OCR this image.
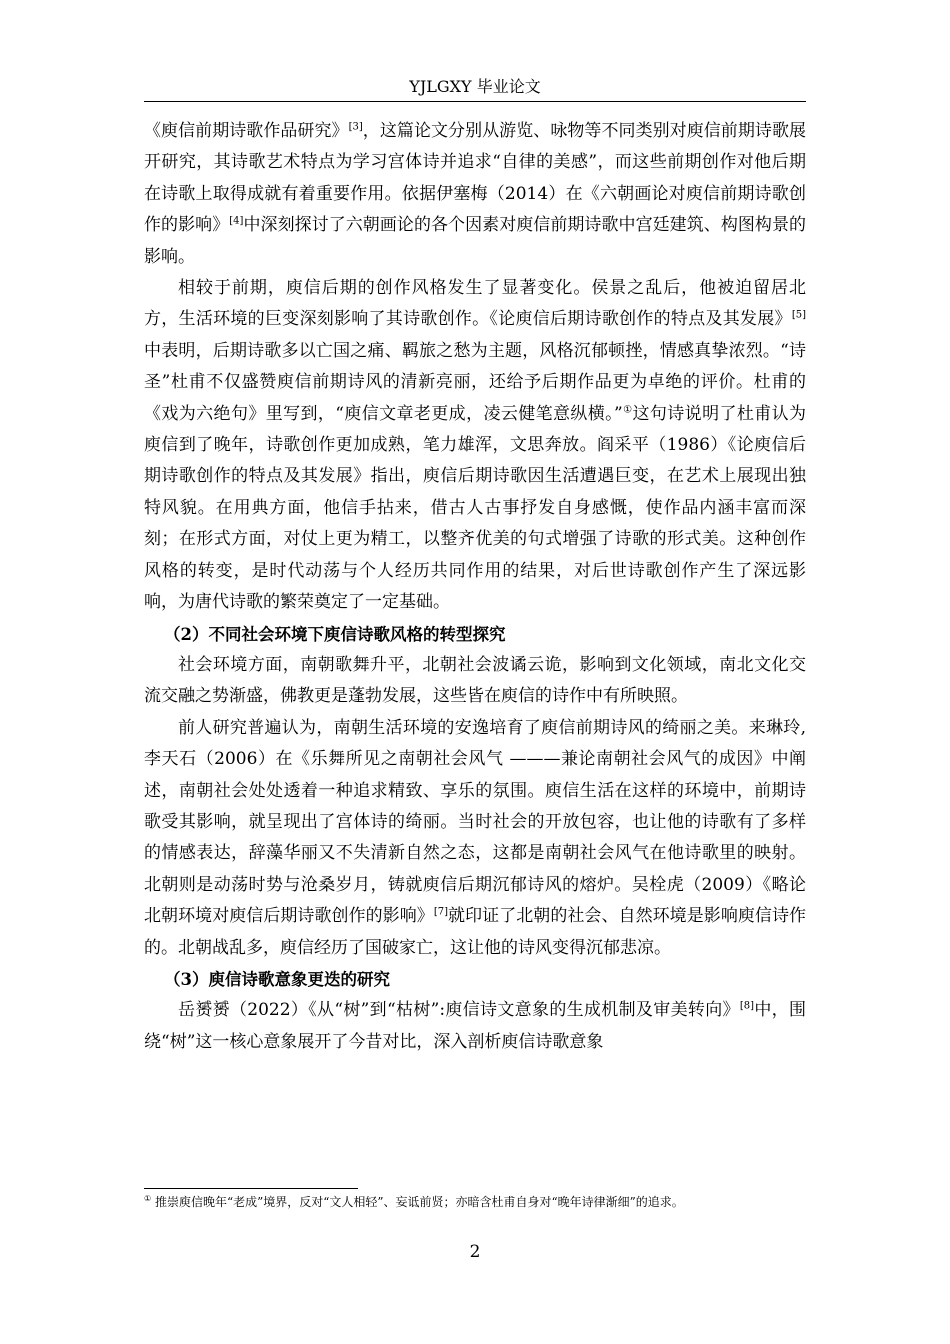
YJLGXY 毕业论文

《庾信前期诗歌作品研究》[3]，这篇论文分别从游览、咏物等不同类别对庾信前期诗歌展开研究，其诗歌艺术特点为学习宫体诗并追求“自律的美感”，而这些前期创作对他后期在诗歌上取得成就有着重要作用。依据伊塞梅（2014）在《六朝画论对庾信前期诗歌创作的影响》[4]中深刻探讨了六朝画论的各个因素对庾信前期诗歌中宫廷建筑、构图构景的影响。

相较于前期，庾信后期的创作风格发生了显著变化。侯景之乱后，他被迫留居北方，生活环境的巨变深刻影响了其诗歌创作。《论庾信后期诗歌创作的特点及其发展》[5]中表明，后期诗歌多以亡国之痛、羁旅之愁为主题，风格沉郁顿挫，情感真挚浓烈。“诗圣”杜甫不仅盛赞庾信前期诗风的清新亮丽，还给予后期作品更为卓绝的评价。杜甫的《戏为六绝句》里写到，“庾信文章老更成，凌云健笔意纵横。”①这句诗说明了杜甫认为庾信到了晚年，诗歌创作更加成熟，笔力雄浑，文思奔放。阎采平（1986）《论庾信后期诗歌创作的特点及其发展》指出，庾信后期诗歌因生活遭遇巨变，在艺术上展现出独特风貌。在用典方面，他信手拈来，借古人古事抒发自身感慨，使作品内涵丰富而深刻；在形式方面，对仗上更为精工，以整齐优美的句式增强了诗歌的形式美。这种创作风格的转变，是时代动荡与个人经历共同作用的结果，对后世诗歌创作产生了深远影响，为唐代诗歌的繁荣奠定了一定基础。

（2）不同社会环境下庾信诗歌风格的转型探究

社会环境方面，南朝歌舞升平，北朝社会波谲云诡，影响到文化领域，南北文化交流交融之势渐盛，佛教更是蓬勃发展，这些皆在庾信的诗作中有所映照。

前人研究普遍认为，南朝生活环境的安逸培育了庾信前期诗风的绮丽之美。来琳玲,李天石（2006）在《乐舞所见之南朝社会风气 ———兼论南朝社会风气的成因》中阐述，南朝社会处处透着一种追求精致、享乐的氛围。庾信生活在这样的环境中，前期诗歌受其影响，就呈现出了宫体诗的绮丽。当时社会的开放包容，也让他的诗歌有了多样的情感表达，辞藻华丽又不失清新自然之态，这都是南朝社会风气在他诗歌里的映射。北朝则是动荡时势与沧桑岁月，铸就庾信后期沉郁诗风的熔炉。吴栓虎（2009）《略论北朝环境对庾信后期诗歌创作的影响》[7]就印证了北朝的社会、自然环境是影响庾信诗作的。北朝战乱多，庾信经历了国破家亡，这让他的诗风变得沉郁悲凉。

（3）庾信诗歌意象更迭的研究

岳赟赟（2022）《从“树”到“枯树”:庾信诗文意象的生成机制及审美转向》[8]中，围绕“树”这一核心意象展开了今昔对比，深入剖析庾信诗歌意象

① 推崇庾信晚年“老成”境界，反对“文人相轻”、妄诋前贤；亦暗含杜甫自身对“晚年诗律渐细”的追求。
2
